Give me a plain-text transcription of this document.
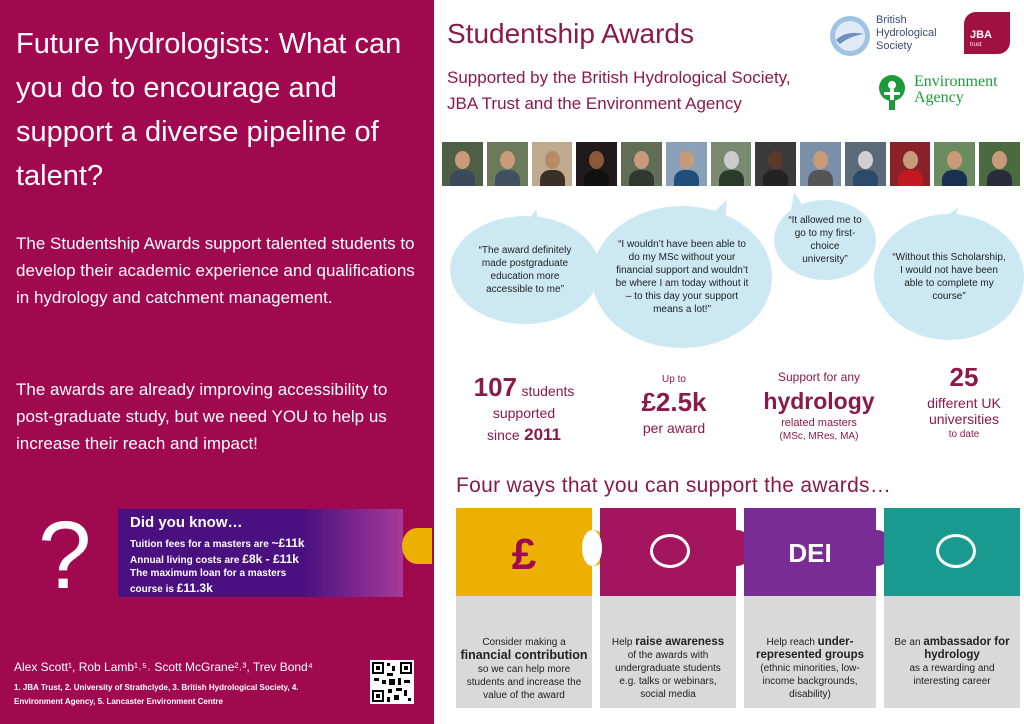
Future hydrologists: What can you do to encourage and support a diverse pipeline of talent?

The Studentship Awards support talented students to develop their academic experience and qualifications in hydrology and catchment management.

The awards are already improving accessibility to post-graduate study, but we need YOU to help us increase their reach and impact!

?	Did you know…
Tuition fees for a masters are ~£11k
Annual living costs are £8k - £11k
The maximum loan for a masters
course is £11.3k
Alex Scott¹, Rob Lamb¹˒⁵˒ Scott McGrane²˒³, Trev Bond⁴
1. JBA Trust, 2. University of Strathclyde, 3. British Hydrological Society, 4. Environment Agency, 5. Lancaster Environment Centre
Studentship Awards
Supported by the British Hydrological Society,
JBA Trust and the Environment Agency
British
Hydrological
Society
JBA
trust
Environment
Agency
“The award definitely made postgraduate education more accessible to me”
“I wouldn’t have been able to do my MSc without your financial support and wouldn’t be where I am today without it – to this day your support means a lot!”
“It allowed me to go to my first-choice university”	“Without this Scholarship, I would not have been able to complete my course”
107 students
supported
since 2011
Up to
£2.5k
per award
Support for any
hydrology
related masters
(MSc, MRes, MA)
25
different UK
universities
to date
Four ways that you can support the awards…
£	DEI
Consider making a
financial contribution
so we can help more students and increase the value of the award
Help raise awareness
of the awards with undergraduate students e.g. talks or webinars, social media
Help reach under-represented groups
(ethnic minorities, low-income backgrounds, disability)
Be an ambassador for hydrology
as a rewarding and interesting career
